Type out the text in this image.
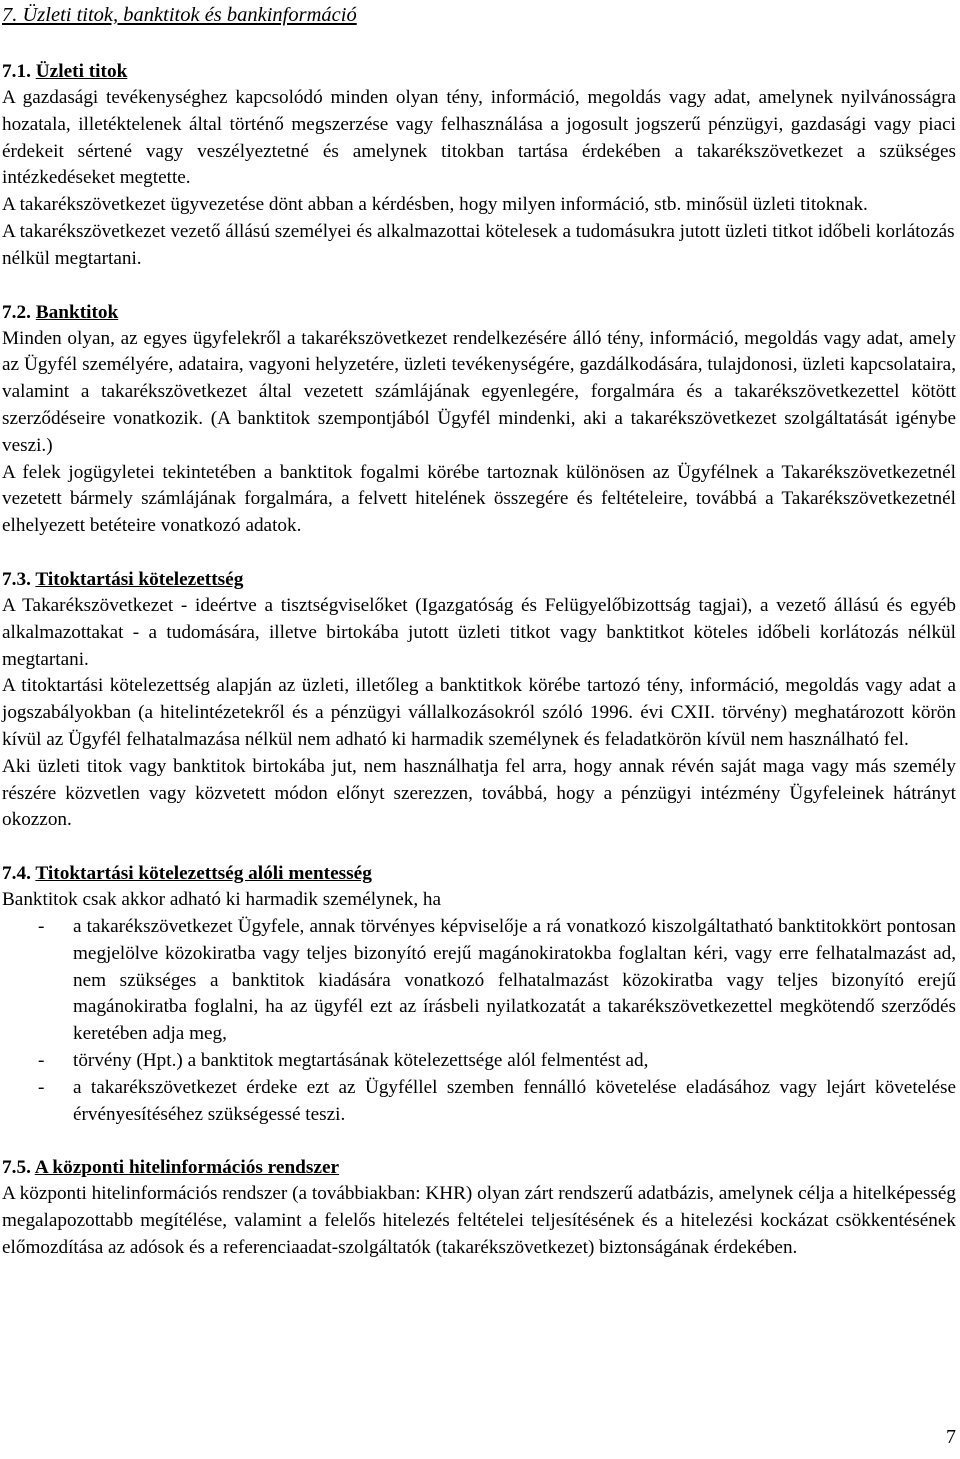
7. Üzleti titok, banktitok és bankinformáció
7.1. Üzleti titok

A gazdasági tevékenységhez kapcsolódó minden olyan tény, információ, megoldás vagy adat, amelynek nyilvánosságra hozatala, illetéktelenek által történő megszerzése vagy felhasználása a jogosult jogszerű pénzügyi, gazdasági vagy piaci érdekeit sértené vagy veszélyeztetné és amelynek titokban tartása érdekében a takarékszövetkezet a szükséges intézkedéseket megtette.

A takarékszövetkezet ügyvezetése dönt abban a kérdésben, hogy milyen információ, stb. minősül üzleti titoknak.

A takarékszövetkezet vezető állású személyei és alkalmazottai kötelesek a tudomásukra jutott üzleti titkot időbeli korlátozás nélkül megtartani.

7.2. Banktitok

Minden olyan, az egyes ügyfelekről a takarékszövetkezet rendelkezésére álló tény, információ, megoldás vagy adat, amely az Ügyfél személyére, adataira, vagyoni helyzetére, üzleti tevékenységére, gazdálkodására, tulajdonosi, üzleti kapcsolataira, valamint a takarékszövetkezet által vezetett számlájának egyenlegére, forgalmára és a takarékszövetkezettel kötött szerződéseire vonatkozik. (A banktitok szempontjából Ügyfél mindenki, aki a takarékszövetkezet szolgáltatását igénybe veszi.)

A felek jogügyletei tekintetében a banktitok fogalmi körébe tartoznak különösen az Ügyfélnek a Takarékszövetkezetnél vezetett bármely számlájának forgalmára, a felvett hitelének összegére és feltételeire, továbbá a Takarékszövetkezetnél elhelyezett betéteire vonatkozó adatok.

7.3. Titoktartási kötelezettség

A Takarékszövetkezet - ideértve a tisztségviselőket (Igazgatóság és Felügyelőbizottság tagjai), a vezető állású és egyéb alkalmazottakat - a tudomására, illetve birtokába jutott üzleti titkot vagy banktitkot köteles időbeli korlátozás nélkül megtartani.

A titoktartási kötelezettség alapján az üzleti, illetőleg a banktitkok körébe tartozó tény, információ, megoldás vagy adat a jogszabályokban (a hitelintézetekről és a pénzügyi vállalkozásokról szóló 1996. évi CXII. törvény) meghatározott körön kívül az Ügyfél felhatalmazása nélkül nem adható ki harmadik személynek és feladatkörön kívül nem használható fel.

Aki üzleti titok vagy banktitok birtokába jut, nem használhatja fel arra, hogy annak révén saját maga vagy más személy részére közvetlen vagy közvetett módon előnyt szerezzen, továbbá, hogy a pénzügyi intézmény Ügyfeleinek hátrányt okozzon.

7.4. Titoktartási kötelezettség alóli mentesség

Banktitok csak akkor adható ki harmadik személynek, ha

- a takarékszövetkezet Ügyfele, annak törvényes képviselője a rá vonatkozó kiszolgáltatható banktitokkört pontosan megjelölve közokiratba vagy teljes bizonyító erejű magánokiratokba foglaltan kéri, vagy erre felhatalmazást ad, nem szükséges a banktitok kiadására vonatkozó felhatalmazást közokiratba vagy teljes bizonyító erejű magánokiratba foglalni, ha az ügyfél ezt az írásbeli nyilatkozatát a takarékszövetkezettel megkötendő szerződés keretében adja meg,
- törvény (Hpt.) a banktitok megtartásának kötelezettsége alól felmentést ad,
- a takarékszövetkezet érdeke ezt az Ügyféllel szemben fennálló követelése eladásához vagy lejárt követelése érvényesítéséhez szükségessé teszi.
7.5. A központi hitelinformációs rendszer

A központi hitelinformációs rendszer (a továbbiakban: KHR) olyan zárt rendszerű adatbázis, amelynek célja a hitelképesség megalapozottabb megítélése, valamint a felelős hitelezés feltételei teljesítésének és a hitelezési kockázat csökkentésének előmozdítása az adósok és a referenciaadat-szolgáltatók (takarékszövetkezet) biztonságának érdekében.

7
